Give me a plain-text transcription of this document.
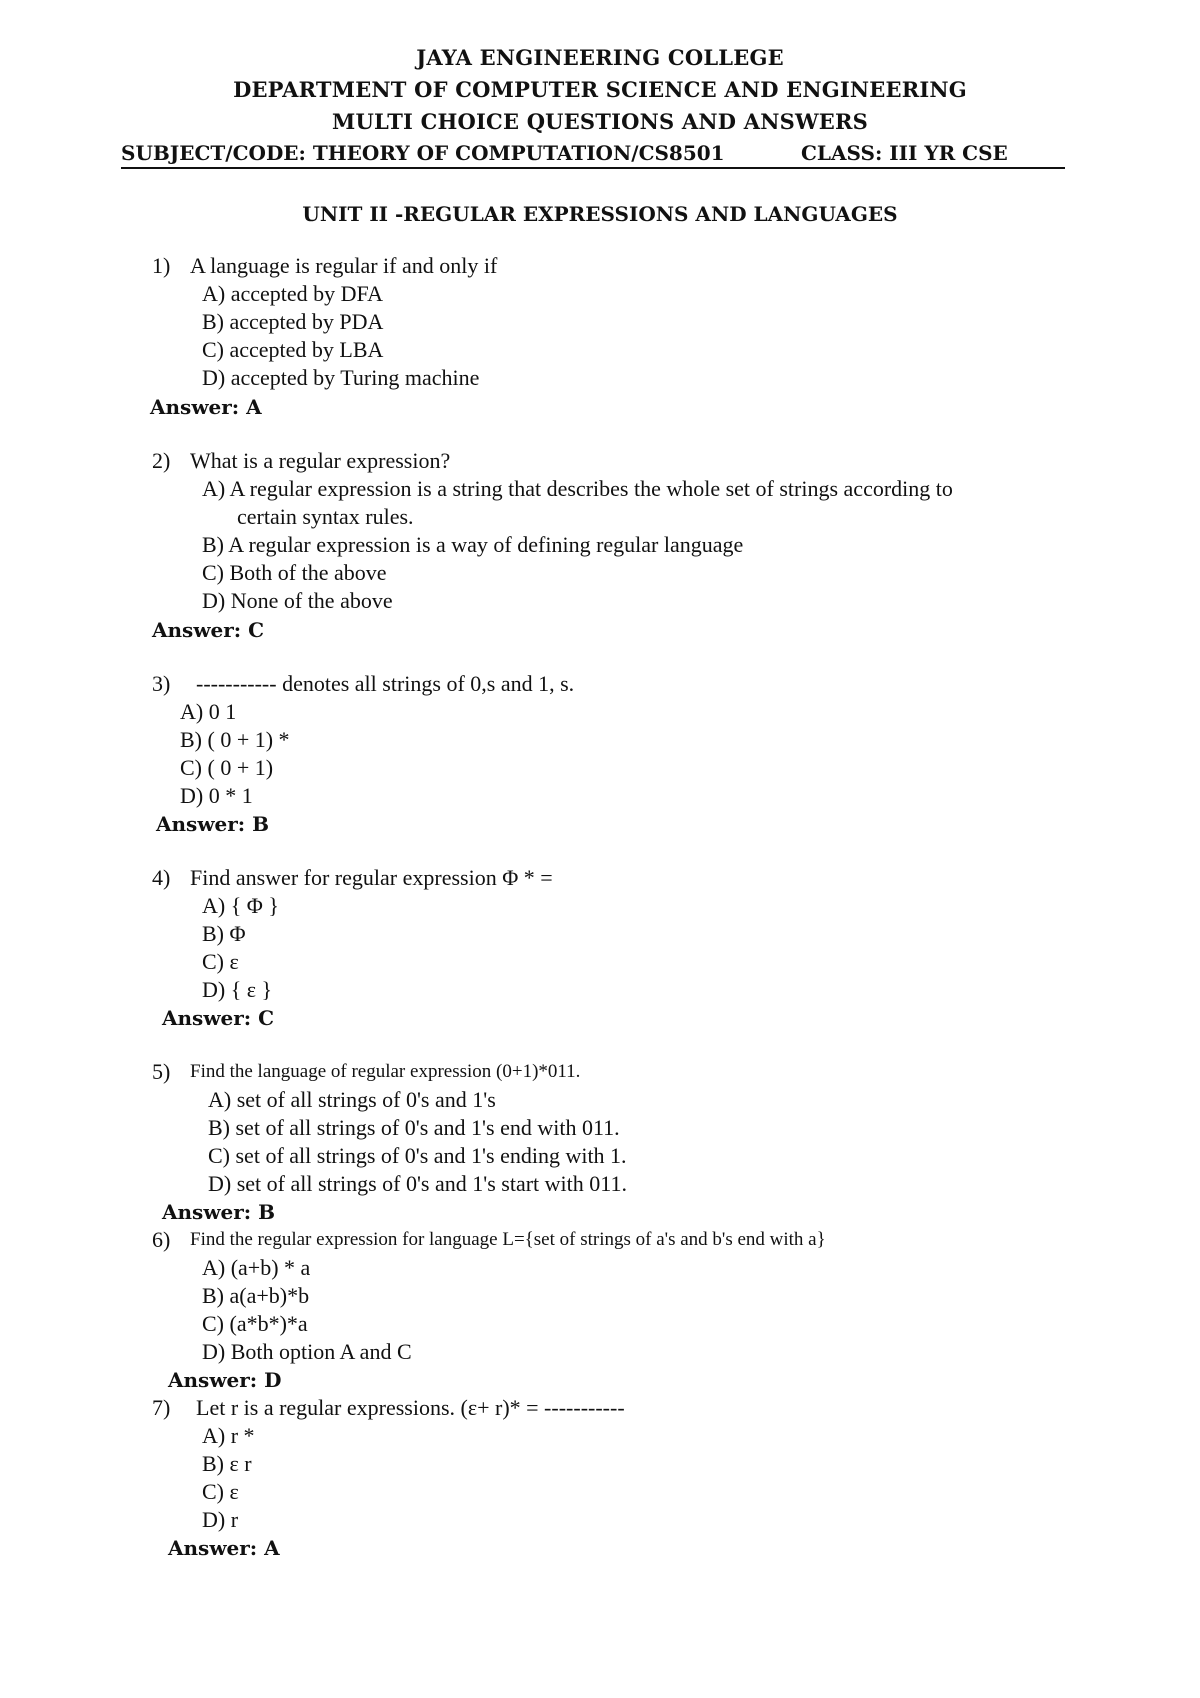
JAYA ENGINEERING COLLEGE
DEPARTMENT OF COMPUTER SCIENCE AND ENGINEERING
MULTI CHOICE QUESTIONS AND ANSWERS
SUBJECT/CODE: THEORY OF COMPUTATION/CS8501	CLASS: III YR CSE
UNIT II -REGULAR EXPRESSIONS AND LANGUAGES
1) A language is regular if and only if
A) accepted by DFA
B) accepted by PDA
C) accepted by LBA
D) accepted by Turing machine
Answer: A
2) What is a regular expression?
A) A regular expression is a string that describes the whole set of strings according to
certain syntax rules.
B) A regular expression is a way of defining regular language
C) Both of the above
D) None of the above
Answer: C
3) ----------- denotes all strings of 0,s and 1, s.
A) 0 1
B) ( 0 + 1) *
C) ( 0 + 1)
D) 0 * 1
Answer: B
4) Find answer for regular expression Φ * =
A) { Φ }
B) Φ
C) ε
D) { ε }
Answer: C
5) Find the language of regular expression (0+1)*011.
A) set of all strings of 0's and 1's
B) set of all strings of 0's and 1's end with 011.
C) set of all strings of 0's and 1's ending with 1.
D) set of all strings of 0's and 1's start with 011.
Answer: B
6) Find the regular expression for language L={set of strings of a's and b's end with a}
A) (a+b) * a
B) a(a+b)*b
C) (a*b*)*a
D) Both option A and C
Answer: D
7) Let r is a regular expressions. (ε+ r)* = -----------
A) r *
B) ε r
C) ε
D) r
Answer: A
